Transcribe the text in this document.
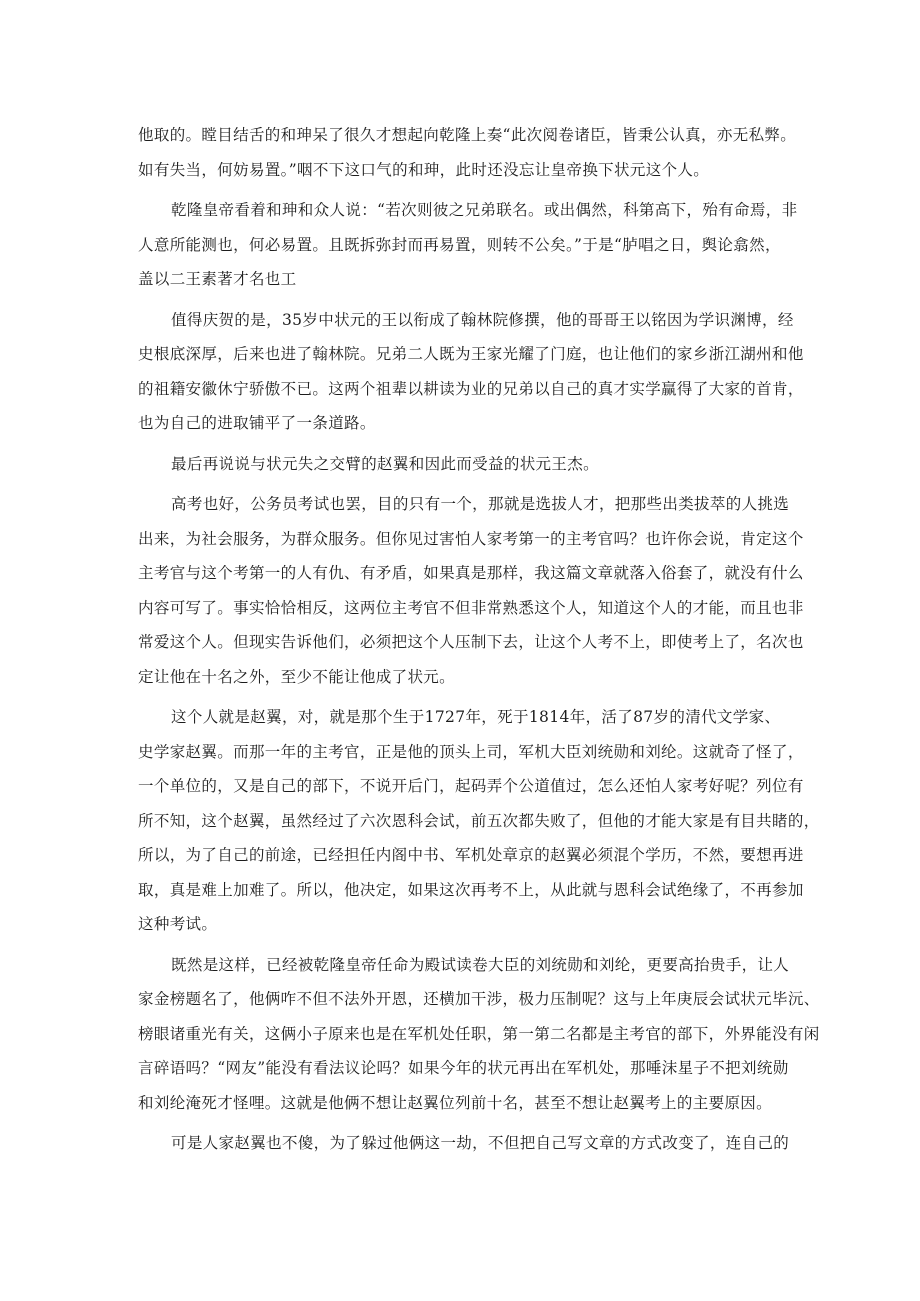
他取的。瞠目结舌的和珅呆了很久才想起向乾隆上奏“此次阅卷诸臣，皆秉公认真，亦无私弊。
如有失当，何妨易置。”咽不下这口气的和珅，此时还没忘让皇帝换下状元这个人。
乾隆皇帝看着和珅和众人说：“若次则彼之兄弟联名。或出偶然，科第高下，殆有命焉，非
人意所能测也，何必易置。且既拆弥封而再易置，则转不公矣。”于是“胪唱之日，舆论翕然，
盖以二王素著才名也工
值得庆贺的是，35岁中状元的王以衔成了翰林院修撰，他的哥哥王以铭因为学识渊博，经
史根底深厚，后来也进了翰林院。兄弟二人既为王家光耀了门庭，也让他们的家乡浙江湖州和他
的祖籍安徽休宁骄傲不已。这两个祖辈以耕读为业的兄弟以自己的真才实学赢得了大家的首肯，
也为自己的进取铺平了一条道路。
最后再说说与状元失之交臂的赵翼和因此而受益的状元王杰。
高考也好，公务员考试也罢，目的只有一个，那就是选拔人才，把那些出类拔萃的人挑选
出来，为社会服务，为群众服务。但你见过害怕人家考第一的主考官吗？也许你会说，肯定这个
主考官与这个考第一的人有仇、有矛盾，如果真是那样，我这篇文章就落入俗套了，就没有什么
内容可写了。事实恰恰相反，这两位主考官不但非常熟悉这个人，知道这个人的才能，而且也非
常爱这个人。但现实告诉他们，必须把这个人压制下去，让这个人考不上，即使考上了，名次也
定让他在十名之外，至少不能让他成了状元。
这个人就是赵翼，对，就是那个生于1727年，死于1814年，活了87岁的清代文学家、
史学家赵翼。而那一年的主考官，正是他的顶头上司，军机大臣刘统勋和刘纶。这就奇了怪了，
一个单位的，又是自己的部下，不说开后门，起码弄个公道值过，怎么还怕人家考好呢？列位有
所不知，这个赵翼，虽然经过了六次恩科会试，前五次都失败了，但他的才能大家是有目共睹的，
所以，为了自己的前途，已经担任内阁中书、军机处章京的赵翼必须混个学历，不然，要想再进
取，真是难上加难了。所以，他决定，如果这次再考不上，从此就与恩科会试绝缘了，不再参加
这种考试。
既然是这样，已经被乾隆皇帝任命为殿试读卷大臣的刘统勋和刘纶，更要高抬贵手，让人
家金榜题名了，他俩咋不但不法外开恩，还横加干涉，极力压制呢？这与上年庚辰会试状元毕沅、
榜眼诸重光有关，这俩小子原来也是在军机处任职，第一第二名都是主考官的部下，外界能没有闲
言碎语吗？“网友”能没有看法议论吗？如果今年的状元再出在军机处，那唾沫星子不把刘统勋
和刘纶淹死才怪哩。这就是他俩不想让赵翼位列前十名，甚至不想让赵翼考上的主要原因。
可是人家赵翼也不傻，为了躲过他俩这一劫，不但把自己写文章的方式改变了，连自己的
